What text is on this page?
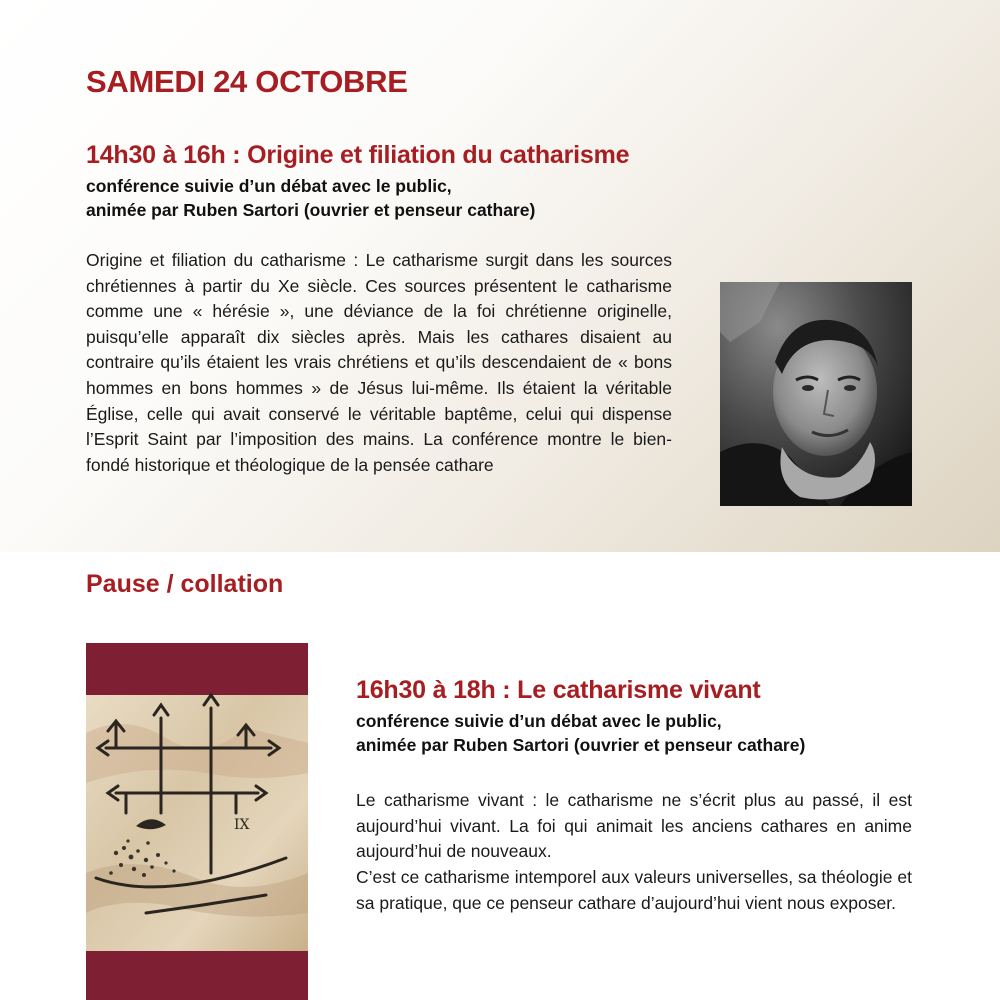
SAMEDI 24 OCTOBRE
14h30 à 16h : Origine et filiation du catharisme

conférence suivie d’un débat avec le public,

animée par Ruben Sartori (ouvrier et penseur cathare)

Origine et filiation du catharisme : Le catharisme surgit dans les sources chrétiennes à partir du Xe siècle. Ces sources présentent le catharisme comme une « hérésie », une déviance de la foi chrétienne originelle, puisqu’elle apparaît dix siècles après. Mais les cathares disaient au contraire qu’ils étaient les vrais chrétiens et qu’ils descendaient de « bons hommes en bons hommes » de Jésus lui-même. Ils étaient la véritable Église, celle qui avait conservé le véritable baptême, celui qui dispense l’Esprit Saint par l’imposition des mains. La conférence montre le bien-fondé historique et théologique de la pensée cathare

Pause / collation
IX
16h30 à 18h : Le catharisme vivant

conférence suivie d’un débat avec le public,

animée par Ruben Sartori (ouvrier et penseur cathare)

Le catharisme vivant : le catharisme ne s’écrit plus au passé, il est aujourd’hui vivant. La foi qui animait les anciens cathares en anime aujourd’hui de nouveaux.

C’est ce catharisme intemporel aux valeurs universelles, sa théologie et sa pratique, que ce penseur cathare d’aujourd’hui vient nous exposer.
